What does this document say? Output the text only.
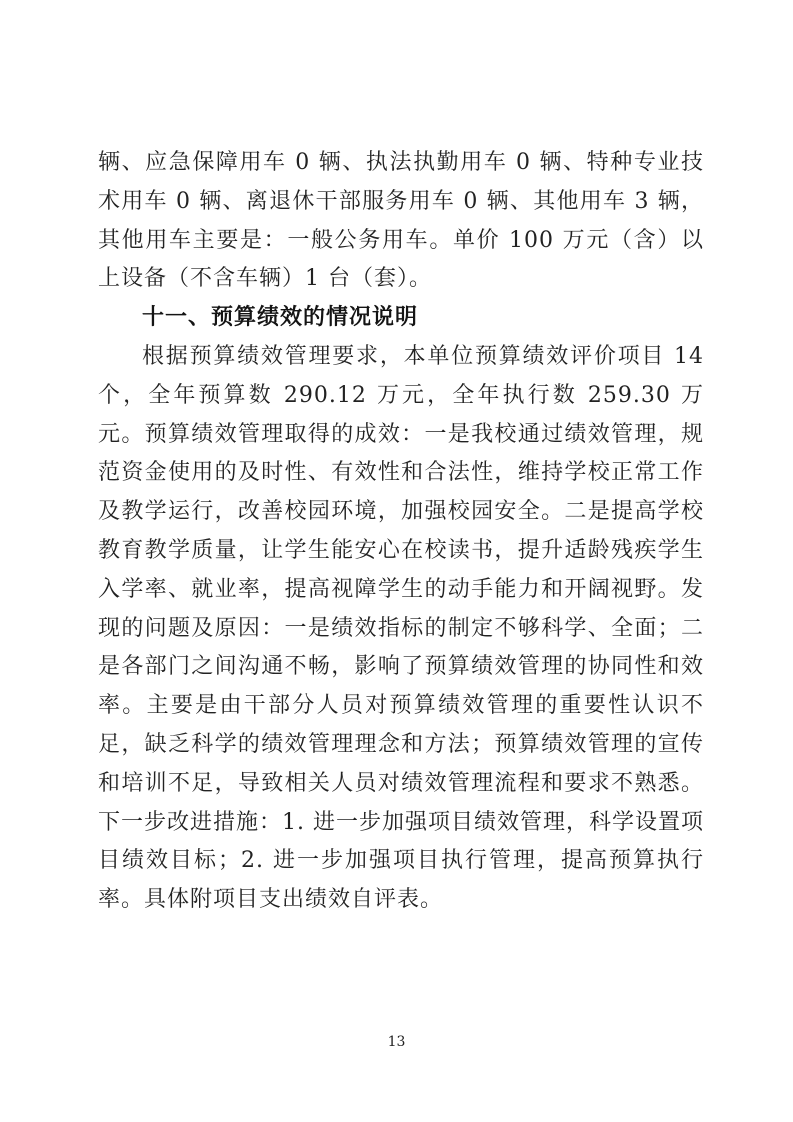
辆、应急保障用车 0 辆、执法执勤用车 0 辆、特种专业技术用车 0 辆、离退休干部服务用车 0 辆、其他用车 3 辆，其他用车主要是：一般公务用车。单价 100 万元（含）以上设备（不含车辆）1 台（套）。

十一、预算绩效的情况说明

根据预算绩效管理要求，本单位预算绩效评价项目 14 个，全年预算数 290.12 万元，全年执行数 259.30 万元。预算绩效管理取得的成效：一是我校通过绩效管理，规范资金使用的及时性、有效性和合法性，维持学校正常工作及教学运行，改善校园环境，加强校园安全。二是提高学校教育教学质量，让学生能安心在校读书，提升适龄残疾学生入学率、就业率，提高视障学生的动手能力和开阔视野。发现的问题及原因：一是绩效指标的制定不够科学、全面；二是各部门之间沟通不畅，影响了预算绩效管理的协同性和效率。主要是由干部分人员对预算绩效管理的重要性认识不足，缺乏科学的绩效管理理念和方法；预算绩效管理的宣传和培训不足，导致相关人员对绩效管理流程和要求不熟悉。下一步改进措施：1. 进一步加强项目绩效管理，科学设置项目绩效目标；2. 进一步加强项目执行管理，提高预算执行率。具体附项目支出绩效自评表。

13
